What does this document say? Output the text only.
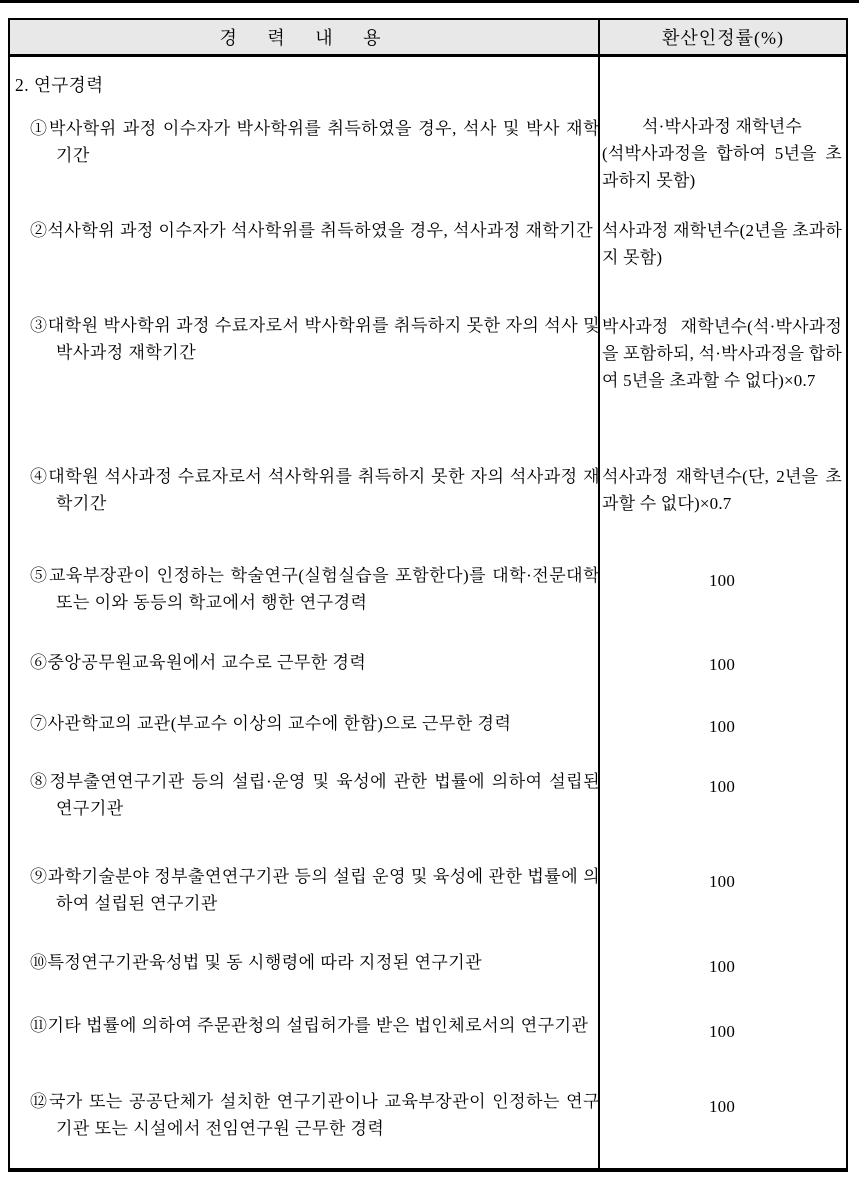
경 력 내 용	환산인정률(%)
2. 연구경력
①박사학위 과정 이수자가 박사학위를 취득하였을 경우, 석사 및 박사 재학기간
②석사학위 과정 이수자가 석사학위를 취득하였을 경우, 석사과정 재학기간
③대학원 박사학위 과정 수료자로서 박사학위를 취득하지 못한 자의 석사 및 박사과정 재학기간
④대학원 석사과정 수료자로서 석사학위를 취득하지 못한 자의 석사과정 재학기간
⑤교육부장관이 인정하는 학술연구(실험실습을 포함한다)를 대학·전문대학 또는 이와 동등의 학교에서 행한 연구경력
⑥중앙공무원교육원에서 교수로 근무한 경력
⑦사관학교의 교관(부교수 이상의 교수에 한함)으로 근무한 경력
⑧정부출연연구기관 등의 설립·운영 및 육성에 관한 법률에 의하여 설립된 연구기관
⑨과학기술분야 정부출연연구기관 등의 설립 운영 및 육성에 관한 법률에 의하여 설립된 연구기관
⑩특정연구기관육성법 및 동 시행령에 따라 지정된 연구기관
⑪기타 법률에 의하여 주문관청의 설립허가를 받은 법인체로서의 연구기관
⑫국가 또는 공공단체가 설치한 연구기관이나 교육부장관이 인정하는 연구기관 또는 시설에서 전임연구원 근무한 경력
석·박사과정 재학년수
(석박사과정을 합하여 5년을 초과하지 못함)
석사과정 재학년수(2년을 초과하지 못함)
박사과정 재학년수(석·박사과정을 포함하되, 석·박사과정을 합하여 5년을 초과할 수 없다)×0.7
석사과정 재학년수(단, 2년을 초과할 수 없다)×0.7
100
100
100
100
100
100
100
100
